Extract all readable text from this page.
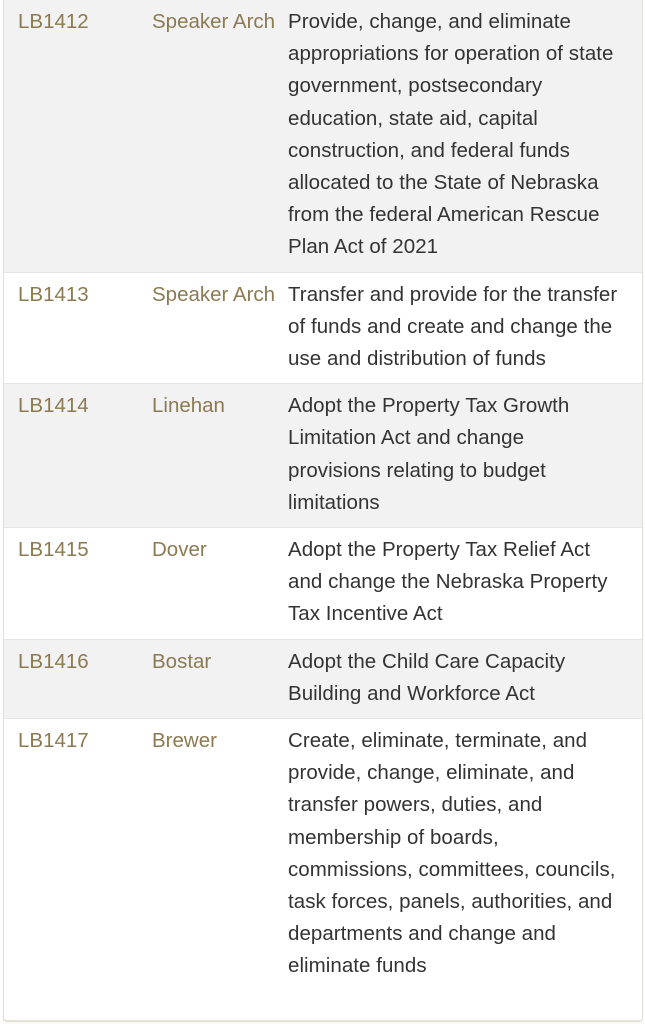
LB1412	Speaker Arch	Provide, change, and eliminate appropriations for operation of state government, postsecondary education, state aid, capital construction, and federal funds allocated to the State of Nebraska from the federal American Rescue Plan Act of 2021
LB1413	Speaker Arch	Transfer and provide for the transfer of funds and create and change the use and distribution of funds
LB1414	Linehan	Adopt the Property Tax Growth Limitation Act and change provisions relating to budget limitations
LB1415	Dover	Adopt the Property Tax Relief Act and change the Nebraska Property Tax Incentive Act
LB1416	Bostar	Adopt the Child Care Capacity Building and Workforce Act
LB1417	Brewer	Create, eliminate, terminate, and provide, change, eliminate, and transfer powers, duties, and membership of boards, commissions, committees, councils, task forces, panels, authorities, and departments and change and eliminate funds
